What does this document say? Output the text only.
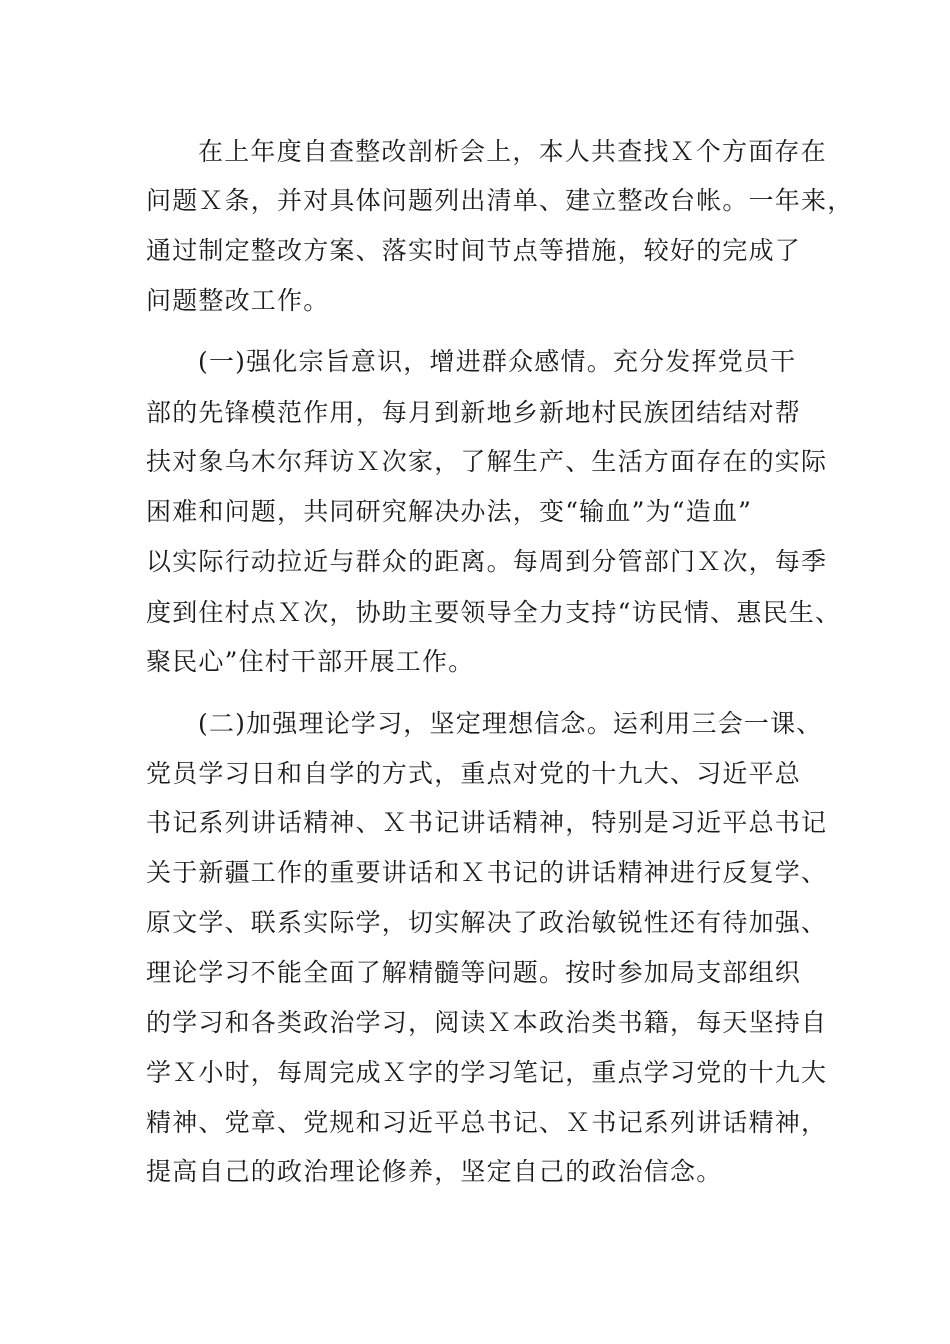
在上年度自查整改剖析会上，本人共查找Ｘ个方面存在
问题Ｘ条，并对具体问题列出清单、建立整改台帐。一年来，
通过制定整改方案、落实时间节点等措施，较好的完成了
问题整改工作。
(一)强化宗旨意识，增进群众感情。充分发挥党员干
部的先锋模范作用，每月到新地乡新地村民族团结结对帮
扶对象乌木尔拜访Ｘ次家，了解生产、生活方面存在的实际
困难和问题，共同研究解决办法，变“输血”为“造血”
以实际行动拉近与群众的距离。每周到分管部门Ｘ次，每季
度到住村点Ｘ次，协助主要领导全力支持“访民情、惠民生、
聚民心”住村干部开展工作。
(二)加强理论学习，坚定理想信念。运利用三会一课、
党员学习日和自学的方式，重点对党的十九大、习近平总
书记系列讲话精神、Ｘ书记讲话精神，特别是习近平总书记
关于新疆工作的重要讲话和Ｘ书记的讲话精神进行反复学、
原文学、联系实际学，切实解决了政治敏锐性还有待加强、
理论学习不能全面了解精髓等问题。按时参加局支部组织
的学习和各类政治学习，阅读Ｘ本政治类书籍，每天坚持自
学Ｘ小时，每周完成Ｘ字的学习笔记，重点学习党的十九大
精神、党章、党规和习近平总书记、Ｘ书记系列讲话精神，
提高自己的政治理论修养，坚定自己的政治信念。
